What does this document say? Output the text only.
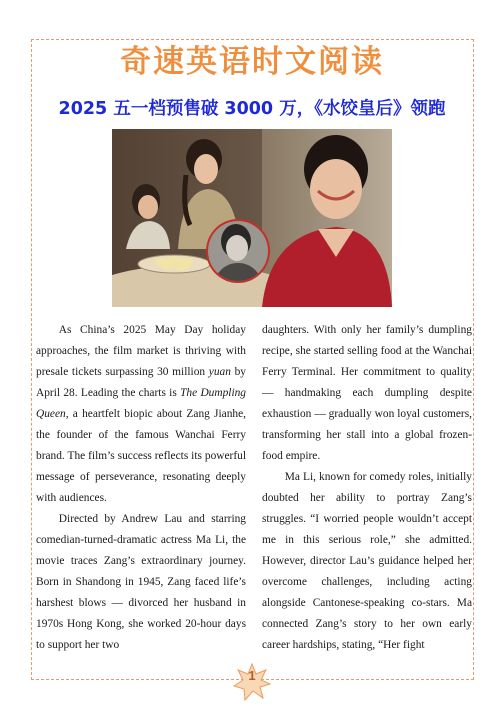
奇速英语时文阅读
2025 五一档预售破 3000 万，《水饺皇后》领跑

As China’s 2025 May Day holiday approaches, the film market is thriving with presale tickets surpassing 30 million yuan by April 28. Leading the charts is The Dumpling Queen, a heartfelt biopic about Zang Jianhe, the founder of the famous Wanchai Ferry brand. The film’s success reflects its powerful message of perseverance, resonating deeply with audiences.

Directed by Andrew Lau and starring comedian-turned-dramatic actress Ma Li, the movie traces Zang’s extraordinary journey. Born in Shandong in 1945, Zang faced life’s harshest blows — divorced her husband in 1970s Hong Kong, she worked 20-hour days to support her two

daughters. With only her family’s dumpling recipe, she started selling food at the Wanchai Ferry Terminal. Her commitment to quality — handmaking each dumpling despite exhaustion — gradually won loyal customers, transforming her stall into a global frozen-food empire.

Ma Li, known for comedy roles, initially doubted her ability to portray Zang’s struggles. “I worried people wouldn’t accept me in this serious role,” she admitted. However, director Lau’s guidance helped her overcome challenges, including acting alongside Cantonese-speaking co-stars. Ma connected Zang’s story to her own early career hardships, stating, “Her fight

1
